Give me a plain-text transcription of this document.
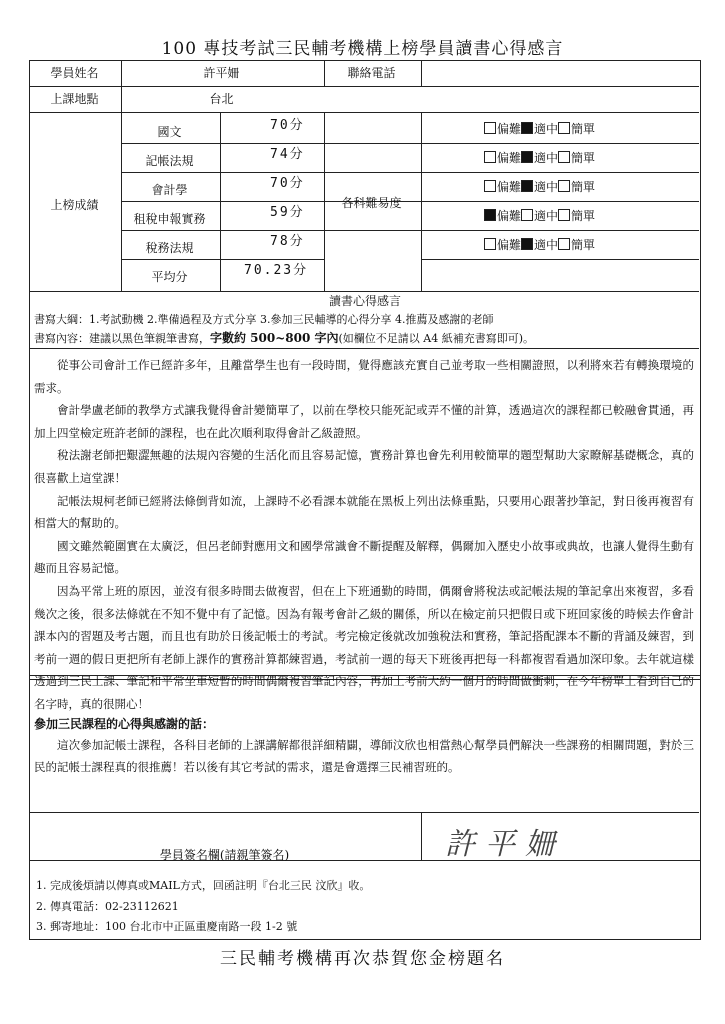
100 專技考試三民輔考機構上榜學員讀書心得感言
學員姓名	許平姍	聯絡電話
上課地點	台北
上榜成績	各科難易度
國文	70分	偏難 適中 簡單
記帳法規	74分	偏難 適中 簡單
會計學	70分	偏難 適中 簡單
租稅申報實務	59分	偏難 適中 簡單
稅務法規	78分	偏難 適中 簡單
平均分	70.23分
讀書心得感言
書寫大綱：1.考試動機 2.準備過程及方式分享 3.參加三民輔導的心得分享 4.推薦及感謝的老師
書寫內容：建議以黑色筆親筆書寫，字數約 500~800 字內(如欄位不足請以 A4 紙補充書寫即可)。

從事公司會計工作已經許多年，且離當學生也有一段時間，覺得應該充實自己並考取一些相關證照，以利將來若有轉換環境的需求。

會計學盧老師的教學方式讓我覺得會計變簡單了，以前在學校只能死記或弄不懂的計算，透過這次的課程都已較融會貫通，再加上四堂檢定班許老師的課程，也在此次順利取得會計乙級證照。

稅法謝老師把艱澀無趣的法規內容變的生活化而且容易記憶，實務計算也會先利用較簡單的題型幫助大家瞭解基礎概念，真的很喜歡上這堂課！

記帳法規柯老師已經將法條倒背如流，上課時不必看課本就能在黑板上列出法條重點，只要用心跟著抄筆記，對日後再複習有相當大的幫助的。

國文雖然範圍實在太廣泛，但呂老師對應用文和國學常識會不斷提醒及解釋，偶爾加入歷史小故事或典故，也讓人覺得生動有趣而且容易記憶。

因為平常上班的原因，並沒有很多時間去做複習，但在上下班通勤的時間，偶爾會將稅法或記帳法規的筆記拿出來複習，多看幾次之後，很多法條就在不知不覺中有了記憶。因為有報考會計乙級的關係，所以在檢定前只把假日或下班回家後的時候去作會計課本內的習題及考古題，而且也有助於日後記帳士的考試。考完檢定後就改加強稅法和實務，筆記搭配課本不斷的背誦及練習，到考前一週的假日更把所有老師上課作的實務計算都練習過，考試前一週的每天下班後再把每一科都複習看過加深印象。去年就這樣透過到三民上課、筆記和平常坐車短暫的時間偶爾複習筆記內容，再加上考前大約一個月的時間做衝刺，在今年榜單上看到自己的名字時，真的很開心！

參加三民課程的心得與感謝的話：

這次參加記帳士課程，各科目老師的上課講解都很詳細精闢，導師汶欣也相當熱心幫學員們解決一些課務的相關問題，對於三民的記帳士課程真的很推薦！若以後有其它考試的需求，還是會選擇三民補習班的。

學員簽名欄(請親筆簽名)	許平姍
1. 完成後煩請以傳真或MAIL方式，回函註明『台北三民 汶欣』收。
2. 傳真電話：02-23112621
3. 郵寄地址：100 台北市中正區重慶南路一段 1-2 號
三民輔考機構再次恭賀您金榜題名
